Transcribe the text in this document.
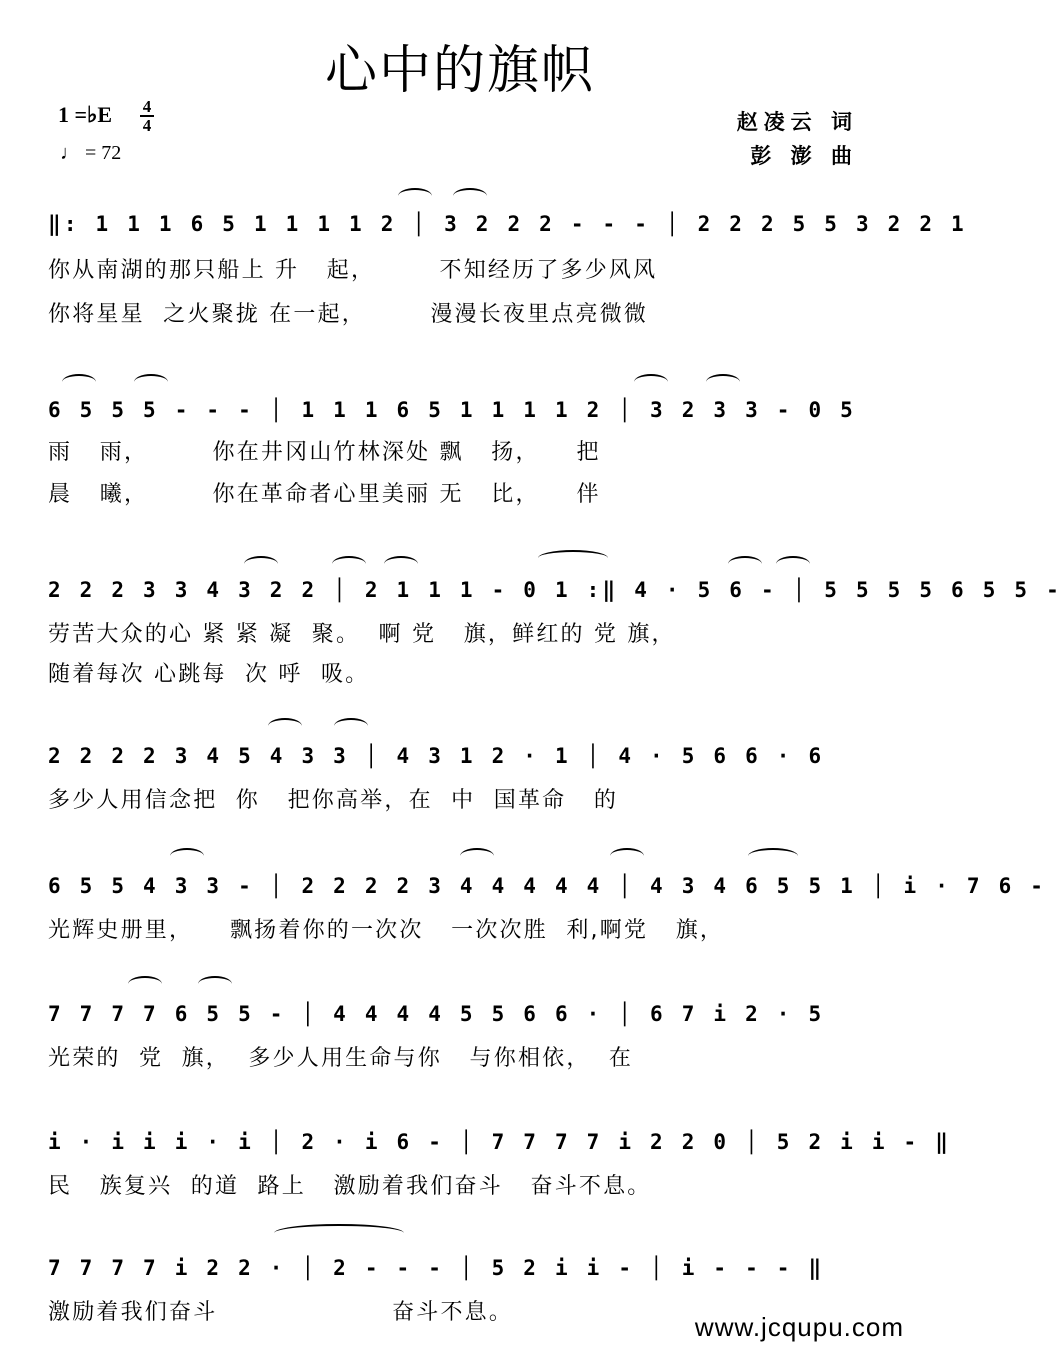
心中的旗帜
1 =♭E 4
4
♩ = 72
赵凌云 词
彭 澎 曲
‖: 1 1 1 6 5 1 1 1 1 2 │ 3 2 2 2 - - - │ 2 2 2 5 5 3 2 2 1
你从南湖的那只船上 升   起，       不知经历了多少风风
你将星星  之火聚拢 在一起，       漫漫长夜里点亮微微
6 5 5 5 - - - │ 1 1 1 6 5 1 1 1 1 2 │ 3 2 3 3 - 0 5
雨   雨，       你在井冈山竹林深处 飘   扬，    把
晨   曦，       你在革命者心里美丽 无   比，    伴
2 2 2 3 3 4 3 2 2 │ 2 1 1 1 - 0 1 :‖ 4 · 5 6 - │ 5 5 5 5 6 5 5 -
劳苦大众的心 紧 紧 凝  聚。  啊 党   旗，鲜红的 党 旗，
随着每次 心跳每  次 呼  吸。
2 2 2 2 3 4 5 4 3 3 │ 4 3 1 2 · 1 │ 4 · 5 6 6 · 6
多少人用信念把  你   把你高举，在  中  国革命   的
6 5 5 4 3 3 - │ 2 2 2 2 3 4 4 4 4 4 │ 4 3 4 6 5 5 1 │ i · 7 6 -
光辉史册里，    飘扬着你的一次次   一次次胜  利,啊党   旗，
7 7 7 7 6 5 5 - │ 4 4 4 4 5 5 6 6 · │ 6 7 i 2 · 5
光荣的  党  旗，  多少人用生命与你   与你相依，  在
i · i i i · i │ 2 · i 6 - │ 7 7 7 7 i 2 2 0 │ 5 2 i i - ‖
民   族复兴  的道  路上   激励着我们奋斗   奋斗不息。
7 7 7 7 i 2 2 · │ 2 - - - │ 5 2 i i - │ i - - - ‖
激励着我们奋斗                   奋斗不息。	www.jcqupu.com
